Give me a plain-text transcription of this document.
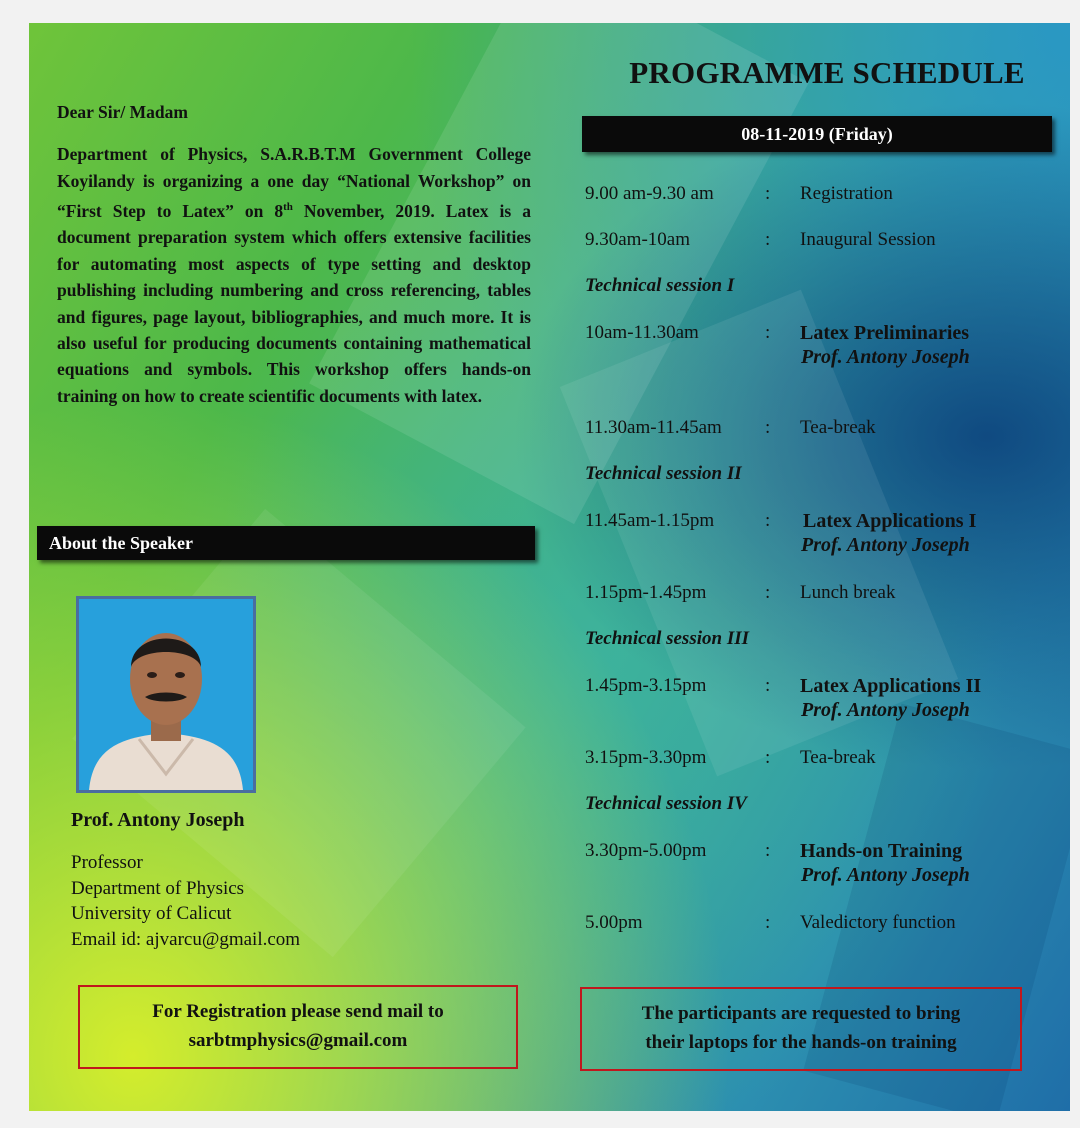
Dear Sir/ Madam

Department of Physics, S.A.R.B.T.M Government College Koyilandy is organizing a one day “National Workshop” on “First Step to Latex” on 8th November, 2019. Latex is a document preparation system which offers extensive facilities for automating most aspects of type setting and desktop publishing including numbering and cross referencing, tables and figures, page layout, bibliographies, and much more. It is also useful for producing documents containing mathematical equations and symbols. This workshop offers hands-on training on how to create scientific documents with latex.

About the Speaker
Prof. Antony Joseph
Professor
Department of Physics
University of Calicut
Email id: ajvarcu@gmail.com
For Registration please send mail to
sarbtmphysics@gmail.com
PROGRAMME SCHEDULE
08-11-2019 (Friday)
9.00 am-9.30 am	: Registration
9.30am-10am	: Inaugural Session
Technical session I
10am-11.30am	: Latex Preliminaries
Prof. Antony Joseph
11.30am-11.45am : Tea-break
Technical session II
11.45am-1.15pm	: Latex Applications I
Prof. Antony Joseph
1.15pm-1.45pm	: Lunch break
Technical session III
1.45pm-3.15pm	: Latex Applications II
Prof. Antony Joseph
3.15pm-3.30pm	: Tea-break
Technical session IV
3.30pm-5.00pm	: Hands-on Training
Prof. Antony Joseph
5.00pm	: Valedictory function
The participants are requested to bring
their laptops for the hands-on training
